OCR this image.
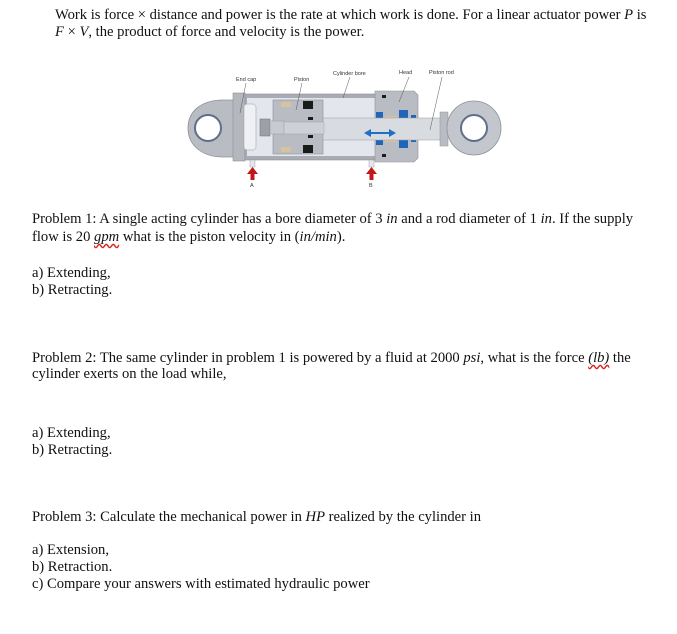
Work is force × distance and power is the rate at which work is done. For a linear actuator power P is
F × V, the product of force and velocity is the power.
End cap	Piston
Cylinder bore	Head	Piston rod
A	B
Problem 1: A single acting cylinder has a bore diameter of 3 in and a rod diameter of 1 in. If the supply
flow is 20 gpm what is the piston velocity in (in/min).
a) Extending,
b) Retracting.
Problem 2: The same cylinder in problem 1 is powered by a fluid at 2000 psi, what is the force (lb) the
cylinder exerts on the load while,
a) Extending,
b) Retracting.
Problem 3: Calculate the mechanical power in HP realized by the cylinder in
a) Extension,
b) Retraction.
c) Compare your answers with estimated hydraulic power
